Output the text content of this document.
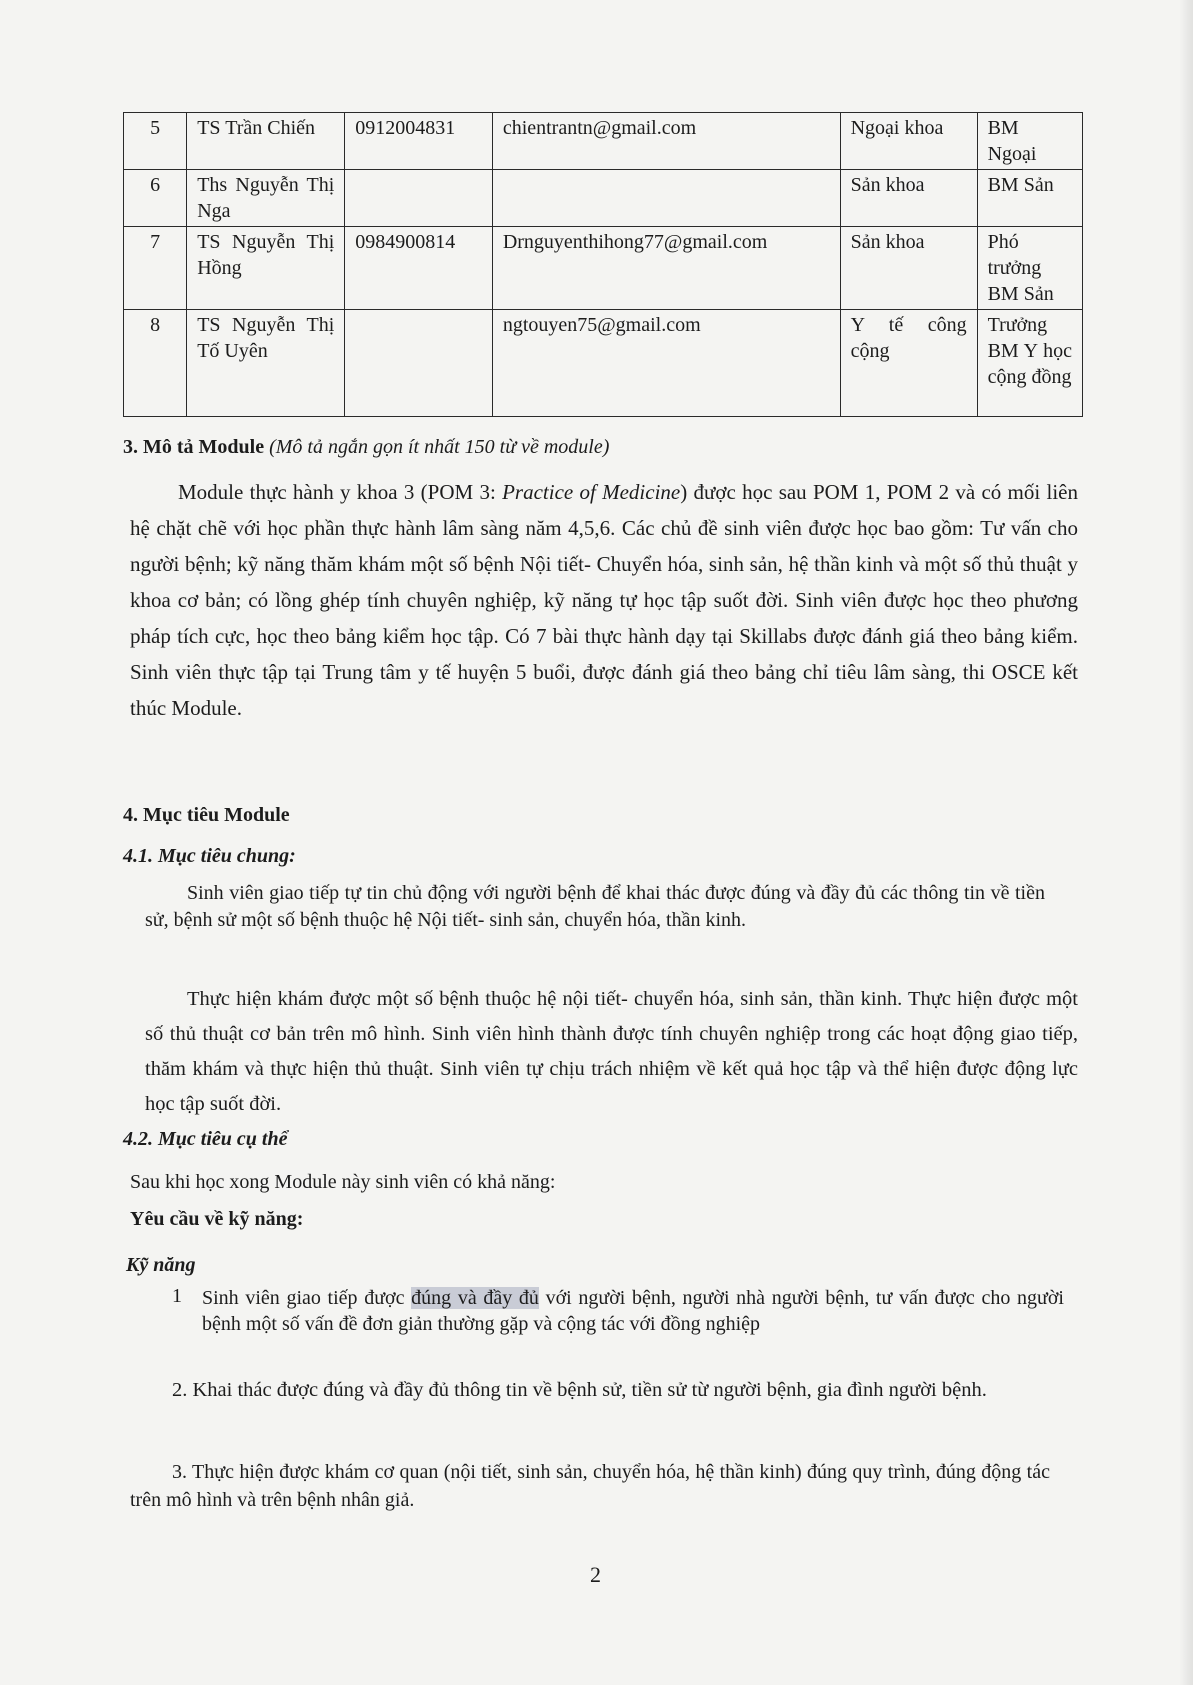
5	TS Trần Chiến	0912004831	chientrantn@gmail.com	Ngoại khoa	BM Ngoại
6	Ths Nguyễn Thị Nga			Sản khoa	BM Sản
7	TS Nguyễn Thị Hồng	0984900814	Drnguyenthihong77@gmail.com	Sản khoa	Phó trưởng BM Sản
8	TS Nguyễn Thị Tố Uyên		ngtouyen75@gmail.com	Y tế công cộng	Trưởng BM Y học cộng đồng
3. Mô tả Module (Mô tả ngắn gọn ít nhất 150 từ về module)
Module thực hành y khoa 3 (POM 3: Practice of Medicine) được học sau POM 1, POM 2 và có mối liên hệ chặt chẽ với học phần thực hành lâm sàng năm 4,5,6. Các chủ đề sinh viên được học bao gồm: Tư vấn cho người bệnh; kỹ năng thăm khám một số bệnh Nội tiết- Chuyển hóa, sinh sản, hệ thần kinh và một số thủ thuật y khoa cơ bản; có lồng ghép tính chuyên nghiệp, kỹ năng tự học tập suốt đời. Sinh viên được học theo phương pháp tích cực, học theo bảng kiểm học tập. Có 7 bài thực hành dạy tại Skillabs được đánh giá theo bảng kiểm. Sinh viên thực tập tại Trung tâm y tế huyện 5 buổi, được đánh giá theo bảng chỉ tiêu lâm sàng, thi OSCE kết thúc Module.
4. Mục tiêu Module
4.1. Mục tiêu chung:
Sinh viên giao tiếp tự tin chủ động với người bệnh để khai thác được đúng và đầy đủ các thông tin về tiền sử, bệnh sử một số bệnh thuộc hệ Nội tiết- sinh sản, chuyển hóa, thần kinh.
Thực hiện khám được một số bệnh thuộc hệ nội tiết- chuyển hóa, sinh sản, thần kinh. Thực hiện được một số thủ thuật cơ bản trên mô hình. Sinh viên hình thành được tính chuyên nghiệp trong các hoạt động giao tiếp, thăm khám và thực hiện thủ thuật. Sinh viên tự chịu trách nhiệm về kết quả học tập và thể hiện được động lực học tập suốt đời.
4.2. Mục tiêu cụ thể
Sau khi học xong Module này sinh viên có khả năng:
Yêu cầu về kỹ năng:
Kỹ năng
1 Sinh viên giao tiếp được đúng và đầy đủ với người bệnh, người nhà người bệnh, tư vấn được cho người bệnh một số vấn đề đơn giản thường gặp và cộng tác với đồng nghiệp
2. Khai thác được đúng và đầy đủ thông tin về bệnh sử, tiền sử từ người bệnh, gia đình người bệnh.
3. Thực hiện được khám cơ quan (nội tiết, sinh sản, chuyển hóa, hệ thần kinh) đúng quy trình, đúng động tác trên mô hình và trên bệnh nhân giả.
2
